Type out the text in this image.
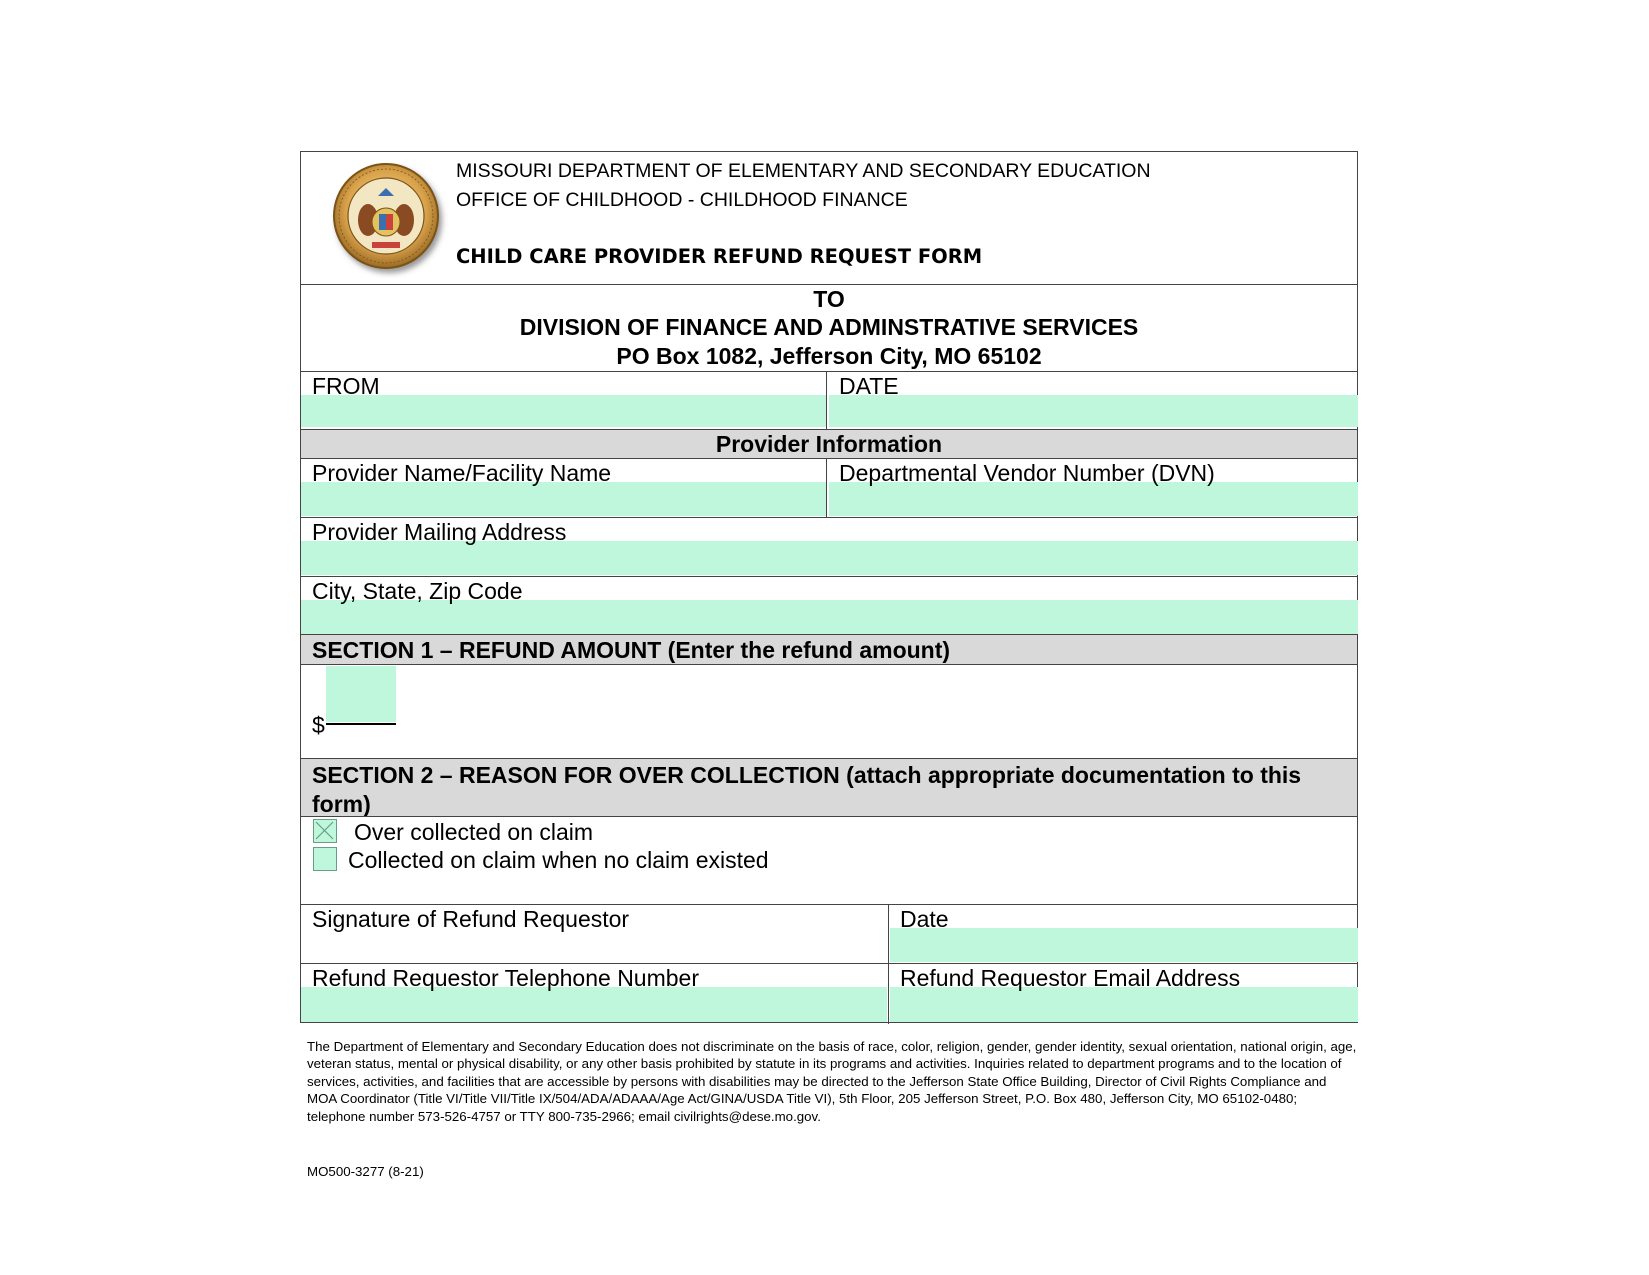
MISSOURI DEPARTMENT OF ELEMENTARY AND SECONDARY EDUCATION
OFFICE OF CHILDHOOD - CHILDHOOD FINANCE
CHILD CARE PROVIDER REFUND REQUEST FORM
TO
DIVISION OF FINANCE AND ADMINSTRATIVE SERVICES
PO Box 1082, Jefferson City, MO 65102
FROM	DATE
Provider Information
Provider Name/Facility Name	Departmental Vendor Number (DVN)
Provider Mailing Address
City, State, Zip Code
SECTION 1 – REFUND AMOUNT (Enter the refund amount)
$
SECTION 2 – REASON FOR OVER COLLECTION (attach appropriate documentation to this form)
Over collected on claim
Collected on claim when no claim existed
Signature of Refund Requestor	Date
Refund Requestor Telephone Number	Refund Requestor Email Address
The Department of Elementary and Secondary Education does not discriminate on the basis of race, color, religion, gender, gender identity, sexual orientation, national origin, age, veteran status, mental or physical disability, or any other basis prohibited by statute in its programs and activities. Inquiries related to department programs and to the location of services, activities, and facilities that are accessible by persons with disabilities may be directed to the Jefferson State Office Building, Director of Civil Rights Compliance and MOA Coordinator (Title VI/Title VII/Title IX/504/ADA/ADAAA/Age Act/GINA/USDA Title VI), 5th Floor, 205 Jefferson Street, P.O. Box 480, Jefferson City, MO 65102-0480; telephone number 573-526-4757 or TTY 800-735-2966; email civilrights@dese.mo.gov.
MO500-3277 (8-21)
